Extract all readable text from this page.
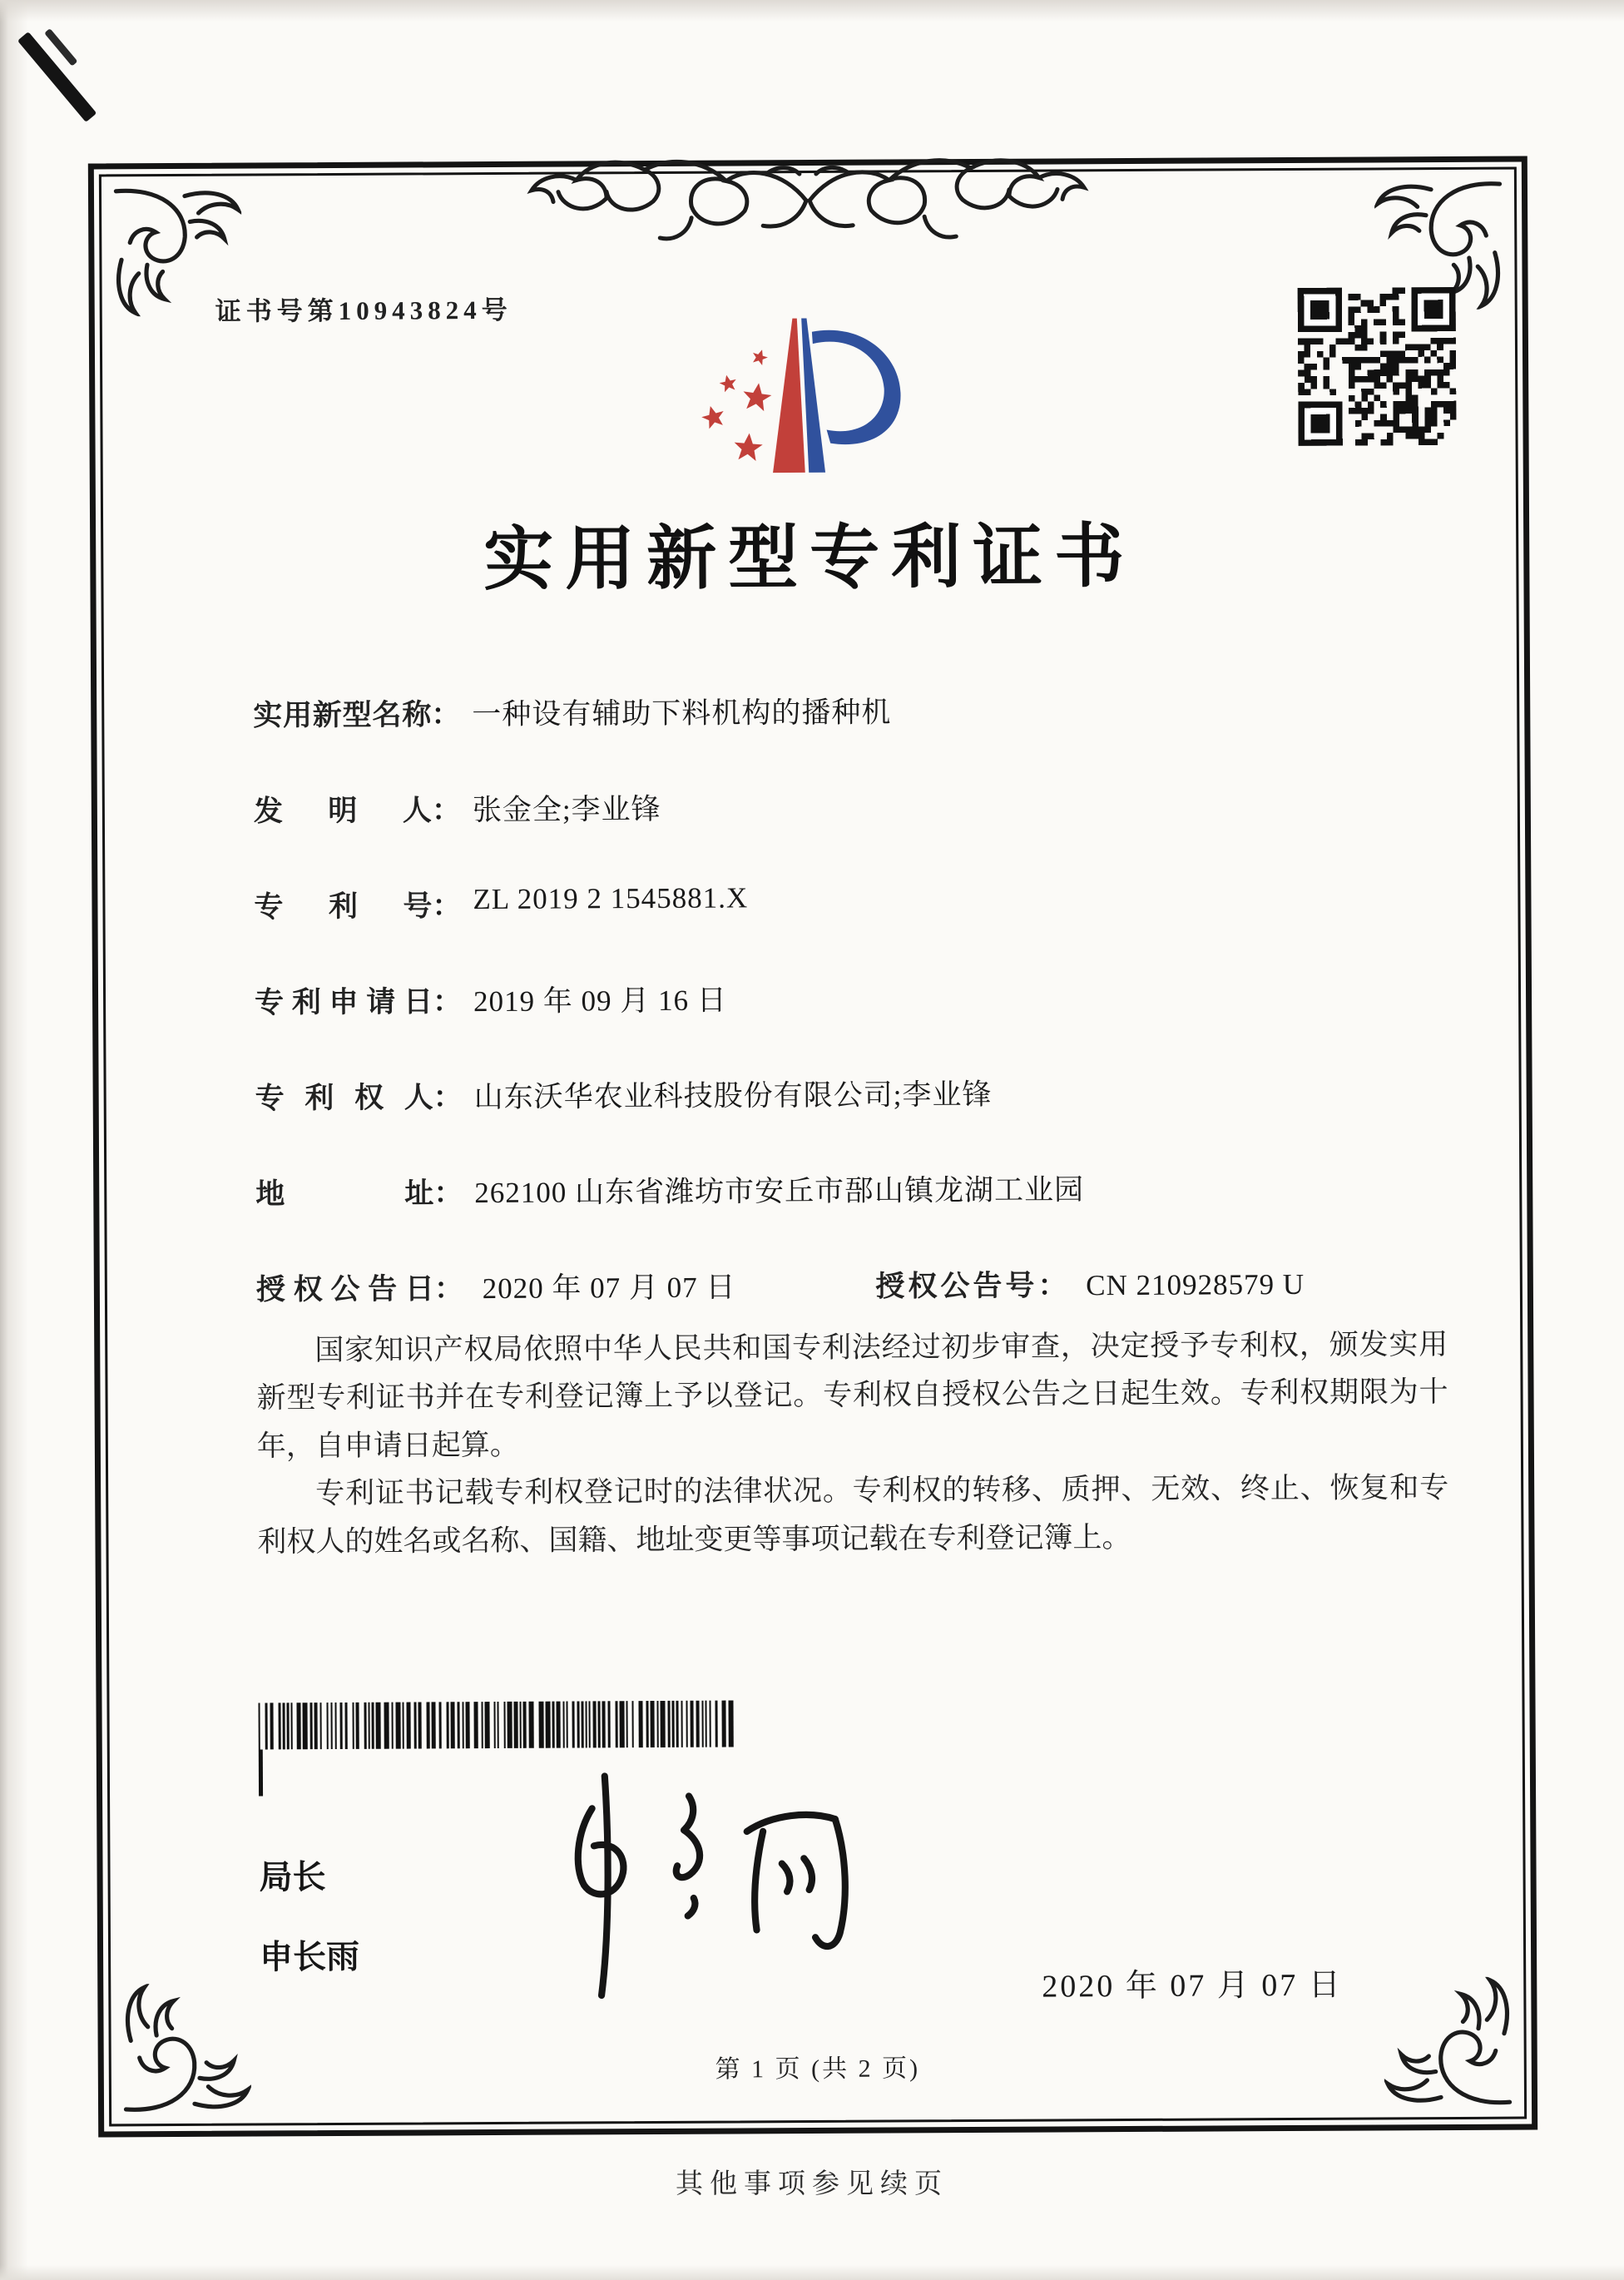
证书号第10943824号
实用新型专利证书
实用新型名称 ： 一种设有辅助下料机构的播种机
发明人 ： 张金全;李业锋
专利号 ： ZL 2019 2 1545881.X
专利申请日 ： 2019 年 09 月 16 日
专利权人 ： 山东沃华农业科技股份有限公司;李业锋
地址 ： 262100 山东省潍坊市安丘市郚山镇龙湖工业园
授权公告日： 2020 年 07 月 07 日	授权公告号： CN 210928579 U

国家知识产权局依照中华人民共和国专利法经过初步审查，决定授予专利权，颁发实用新型专利证书并在专利登记簿上予以登记。专利权自授权公告之日起生效。专利权期限为十年，自申请日起算。

专利证书记载专利权登记时的法律状况。专利权的转移、质押、无效、终止、恢复和专利权人的姓名或名称、国籍、地址变更等事项记载在专利登记簿上。

局长
申长雨
2020 年 07 月 07 日
第 1 页 (共 2 页)
其他事项参见续页
